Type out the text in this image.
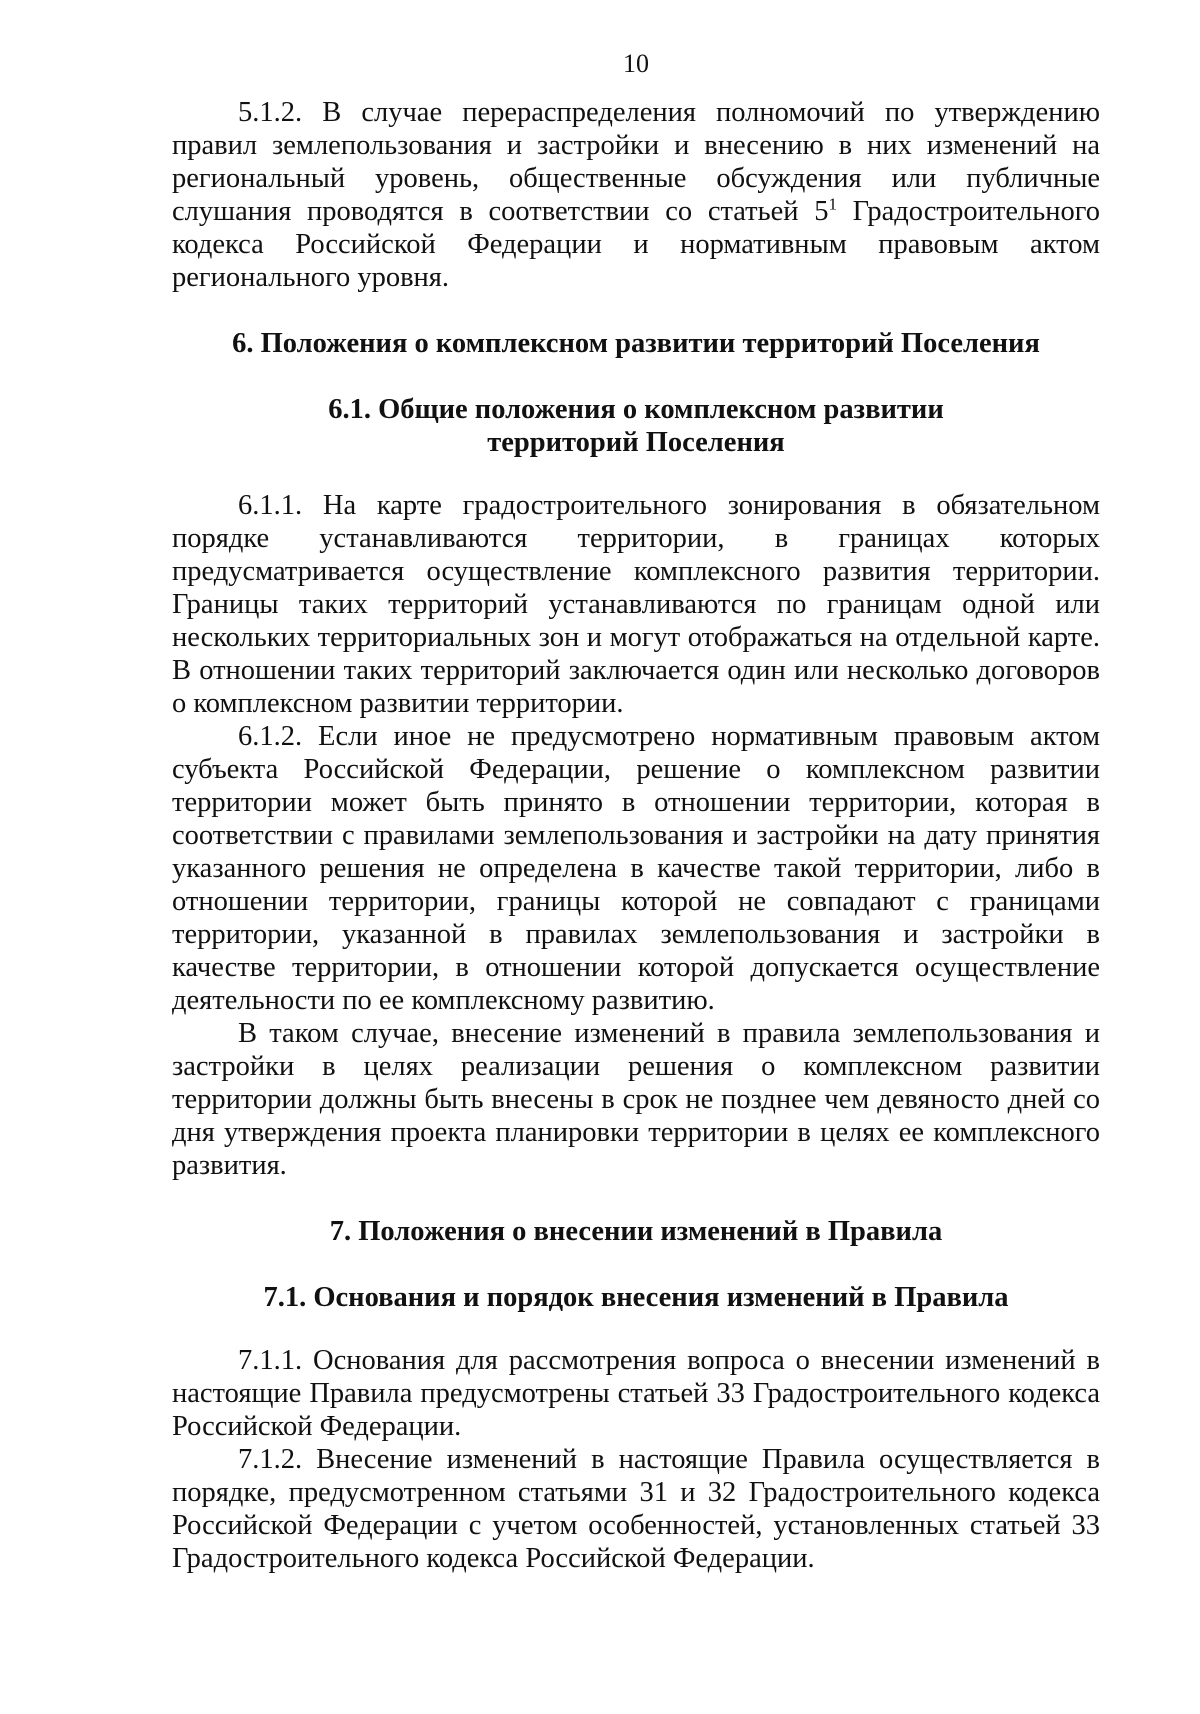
10

5.1.2. В случае перераспределения полномочий по утверждению правил землепользования и застройки и внесению в них изменений на региональный уровень, общественные обсуждения или публичные слушания проводятся в соответствии со статьей $5^1$ Градостроительного кодекса Российской Федерации и нормативным правовым актом регионального уровня.

6. Положения о комплексном развитии территорий Поселения
6.1. Общие положения о комплексном развитии
территорий Поселения

6.1.1. На карте градостроительного зонирования в обязательном порядке устанавливаются территории, в границах которых предусматривается осуществление комплексного развития территории. Границы таких территорий устанавливаются по границам одной или нескольких территориальных зон и могут отображаться на отдельной карте. В отношении таких территорий заключается один или несколько договоров о комплексном развитии территории.

6.1.2. Если иное не предусмотрено нормативным правовым актом субъекта Российской Федерации, решение о комплексном развитии территории может быть принято в отношении территории, которая в соответствии с правилами землепользования и застройки на дату принятия указанного решения не определена в качестве такой территории, либо в отношении территории, границы которой не совпадают с границами территории, указанной в правилах землепользования и застройки в качестве территории, в отношении которой допускается осуществление деятельности по ее комплексному развитию.

В таком случае, внесение изменений в правила землепользования и застройки в целях реализации решения о комплексном развитии территории должны быть внесены в срок не позднее чем девяносто дней со дня утверждения проекта планировки территории в целях ее комплексного развития.

7. Положения о внесении изменений в Правила
7.1. Основания и порядок внесения изменений в Правила

7.1.1. Основания для рассмотрения вопроса о внесении изменений в настоящие Правила предусмотрены статьей 33 Градостроительного кодекса Российской Федерации.

7.1.2. Внесение изменений в настоящие Правила осуществляется в порядке, предусмотренном статьями 31 и 32 Градостроительного кодекса Российской Федерации с учетом особенностей, установленных статьей 33 Градостроительного кодекса Российской Федерации.
